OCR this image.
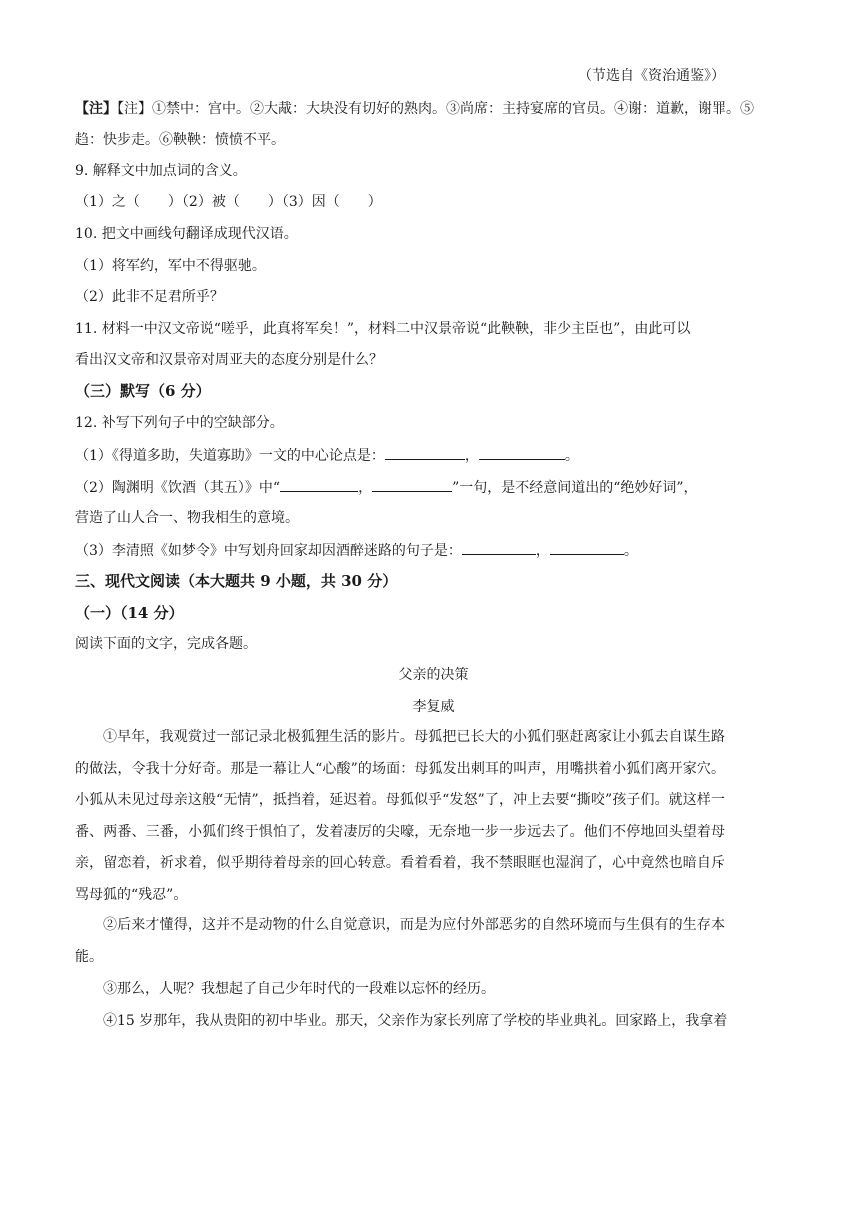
（节选自《资治通鉴》）
【注】【注】①禁中：宫中。②大胾：大块没有切好的熟肉。③尚席：主持宴席的官员。④谢：道歉，谢罪。⑤
趋：快步走。⑥鞅鞅：愤愤不平。
9. 解释文中加点词的含义。
（1）之（　　）（2）被（　　）（3）因（　　）
10. 把文中画线句翻译成现代汉语。
（1）将军约，军中不得驱驰。
（2）此非不足君所乎？
11. 材料一中汉文帝说“嗟乎，此真将军矣！”，材料二中汉景帝说“此鞅鞅，非少主臣也”，由此可以
看出汉文帝和汉景帝对周亚夫的态度分别是什么？
（三）默写（6 分）
12. 补写下列句子中的空缺部分。
（1）《得道多助，失道寡助》一文的中心论点是：	，	。
（2）陶渊明《饮酒（其五）》中“	，	”一句，是不经意间道出的“绝妙好词”，
营造了山人合一、物我相生的意境。
（3）李清照《如梦令》中写划舟回家却因酒醉迷路的句子是：	，	。
三、现代文阅读（本大题共 9 小题，共 30 分）
（一）（14 分）
阅读下面的文字，完成各题。
父亲的决策
李复威
①早年，我观赏过一部记录北极狐狸生活的影片。母狐把已长大的小狐们驱赶离家让小狐去自谋生路的做法，令我十分好奇。那是一幕让人“心酸”的场面：母狐发出刺耳的叫声，用嘴拱着小狐们离开家穴。小狐从未见过母亲这般“无情”，抵挡着，延迟着。母狐似乎“发怒”了，冲上去要“撕咬”孩子们。就这样一番、两番、三番，小狐们终于惧怕了，发着凄厉的尖嚎，无奈地一步一步远去了。他们不停地回头望着母亲，留恋着，祈求着，似乎期待着母亲的回心转意。看着看着，我不禁眼眶也湿润了，心中竟然也暗自斥骂母狐的“残忍”。
②后来才懂得，这并不是动物的什么自觉意识，而是为应付外部恶劣的自然环境而与生俱有的生存本能。
③那么，人呢？我想起了自己少年时代的一段难以忘怀的经历。
④15 岁那年，我从贵阳的初中毕业。那天，父亲作为家长列席了学校的毕业典礼。回家路上，我拿着
